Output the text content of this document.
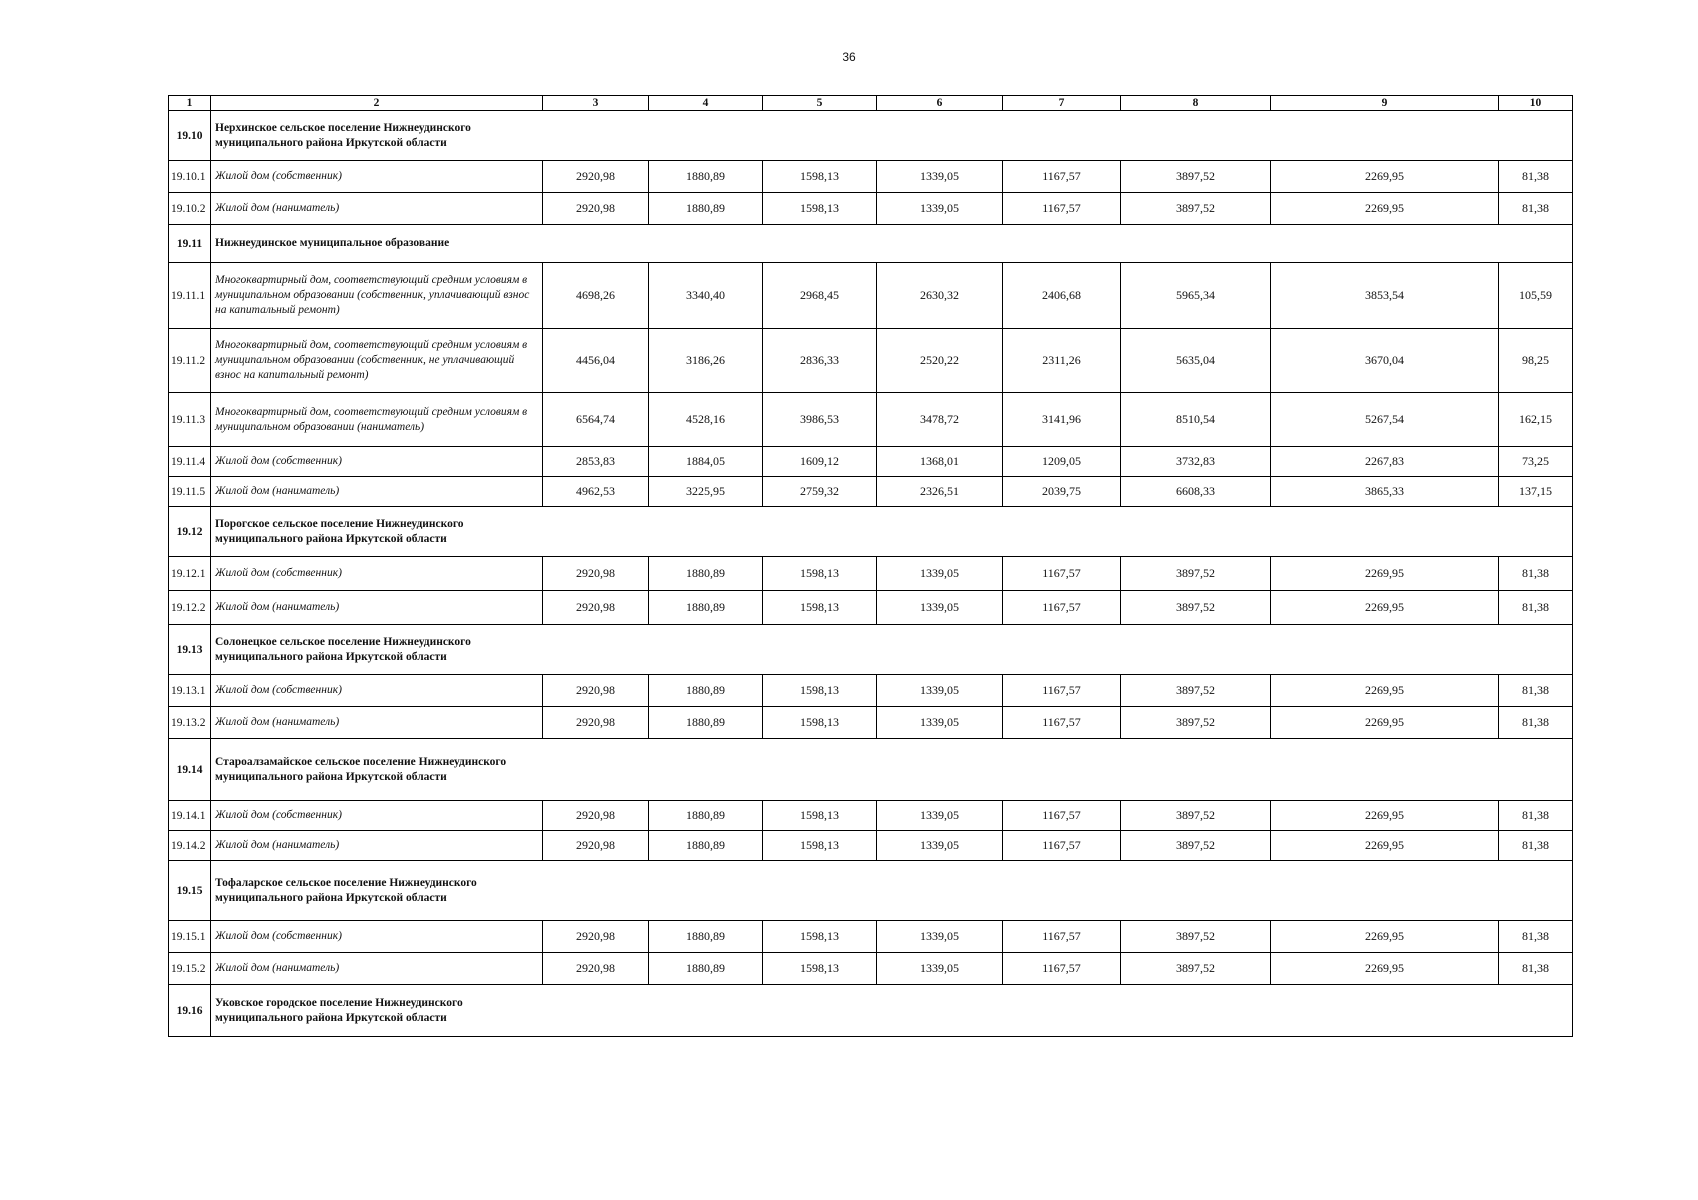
36
1	2	3	4	5	6	7	8	9	10
19.10	Нерхинское сельское поселение Нижнеудинского муниципального района Иркутской области								
19.10.1	Жилой дом (собственник)	2920,98	1880,89	1598,13	1339,05	1167,57	3897,52	2269,95	81,38
19.10.2	Жилой дом (наниматель)	2920,98	1880,89	1598,13	1339,05	1167,57	3897,52	2269,95	81,38
19.11	Нижнеудинское муниципальное образование								
19.11.1	Многоквартирный дом, соответствующий средним условиям в муниципальном образовании (собственник, уплачивающий взнос на капитальный ремонт)	4698,26	3340,40	2968,45	2630,32	2406,68	5965,34	3853,54	105,59
19.11.2	Многоквартирный дом, соответствующий средним условиям в муниципальном образовании (собственник, не уплачивающий взнос на капитальный ремонт)	4456,04	3186,26	2836,33	2520,22	2311,26	5635,04	3670,04	98,25
19.11.3	Многоквартирный дом, соответствующий средним условиям в муниципальном образовании (наниматель)	6564,74	4528,16	3986,53	3478,72	3141,96	8510,54	5267,54	162,15
19.11.4	Жилой дом (собственник)	2853,83	1884,05	1609,12	1368,01	1209,05	3732,83	2267,83	73,25
19.11.5	Жилой дом (наниматель)	4962,53	3225,95	2759,32	2326,51	2039,75	6608,33	3865,33	137,15
19.12	Порогское сельское поселение Нижнеудинского муниципального района Иркутской области								
19.12.1	Жилой дом (собственник)	2920,98	1880,89	1598,13	1339,05	1167,57	3897,52	2269,95	81,38
19.12.2	Жилой дом (наниматель)	2920,98	1880,89	1598,13	1339,05	1167,57	3897,52	2269,95	81,38
19.13	Солонецкое сельское поселение Нижнеудинского муниципального района Иркутской области								
19.13.1	Жилой дом (собственник)	2920,98	1880,89	1598,13	1339,05	1167,57	3897,52	2269,95	81,38
19.13.2	Жилой дом (наниматель)	2920,98	1880,89	1598,13	1339,05	1167,57	3897,52	2269,95	81,38
19.14	Староалзамайское сельское поселение Нижнеудинского муниципального района Иркутской области								
19.14.1	Жилой дом (собственник)	2920,98	1880,89	1598,13	1339,05	1167,57	3897,52	2269,95	81,38
19.14.2	Жилой дом (наниматель)	2920,98	1880,89	1598,13	1339,05	1167,57	3897,52	2269,95	81,38
19.15	Тофаларское сельское поселение Нижнеудинского муниципального района Иркутской области								
19.15.1	Жилой дом (собственник)	2920,98	1880,89	1598,13	1339,05	1167,57	3897,52	2269,95	81,38
19.15.2	Жилой дом (наниматель)	2920,98	1880,89	1598,13	1339,05	1167,57	3897,52	2269,95	81,38
19.16	Уковское городское поселение Нижнеудинского муниципального района Иркутской области								
